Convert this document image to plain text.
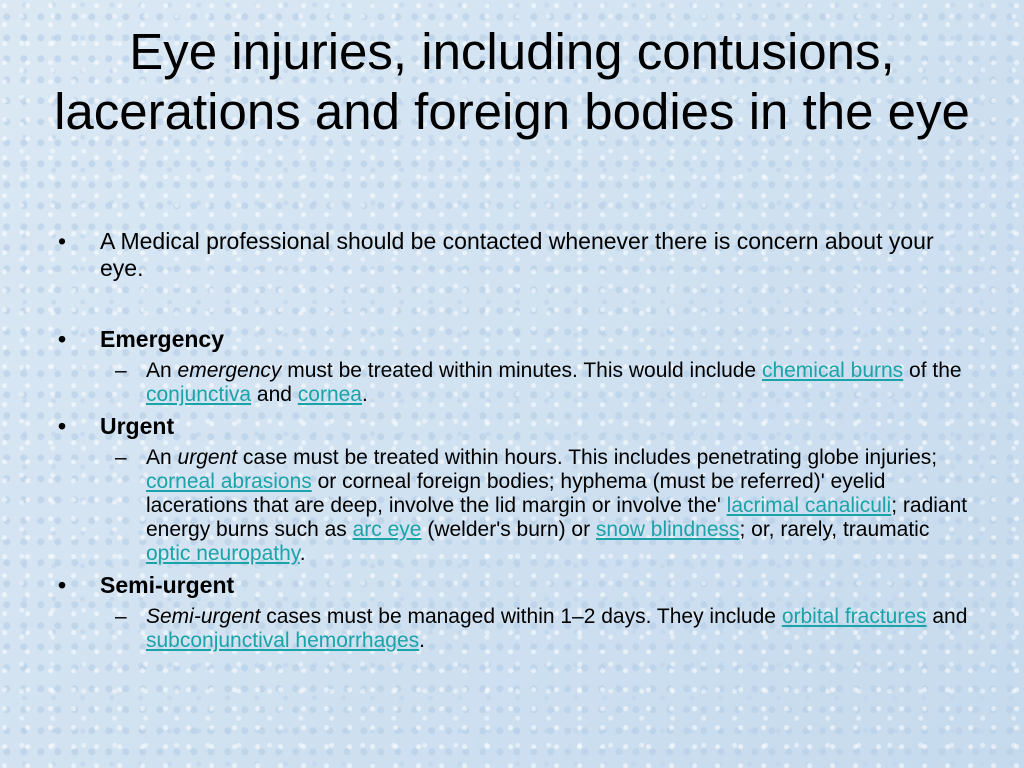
Eye injuries, including contusions, lacerations and foreign bodies in the eye
• A Medical professional should be contacted whenever there is concern about your eye.
• Emergency
– An emergency must be treated within minutes. This would include chemical burns of the conjunctiva and cornea.
• Urgent
– An urgent case must be treated within hours. This includes penetrating globe injuries; corneal abrasions or corneal foreign bodies; hyphema (must be referred)' eyelid lacerations that are deep, involve the lid margin or involve the' lacrimal canaliculi; radiant energy burns such as arc eye (welder's burn) or snow blindness; or, rarely, traumatic optic neuropathy.
• Semi-urgent
– Semi-urgent cases must be managed within 1–2 days. They include orbital fractures and subconjunctival hemorrhages.
